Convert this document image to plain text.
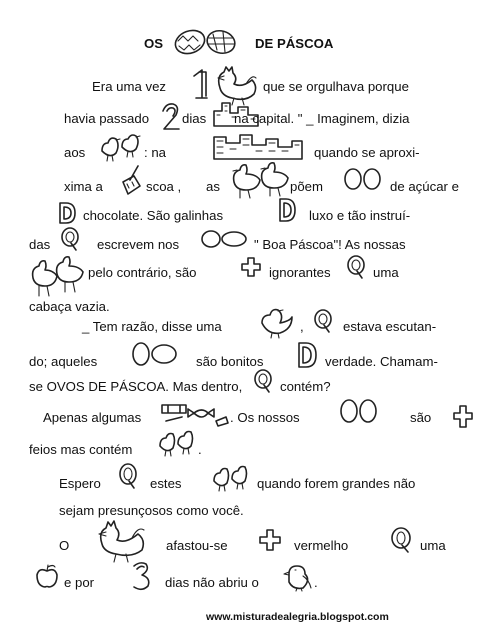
OS	DE PÁSCOA
Era uma vez	que se orgulhava porque
havia passado dias na capital. " _ Imaginem, dizia
aos	: na	quando se aproxi-
xima a	scoa , as	põem	de açúcar e
chocolate. São galinhas	luxo e tão instruí-
das	escrevem nos	" Boa Páscoa"! As nossas
pelo contrário, são	ignorantes	uma
cabaça vazia.
_ Tem razão, disse uma	,	estava escutan-
do; aqueles	são bonitos	verdade. Chamam-
se OVOS DE PÁSCOA. Mas dentro,	contém?
Apenas algumas	. Os nossos	são
feios mas contém	.
Espero	estes	quando forem grandes não
sejam presunçosos como você.
O	afastou-se	vermelho	uma
e por	dias não abriu o	.
www.misturadealegria.blogspot.com
